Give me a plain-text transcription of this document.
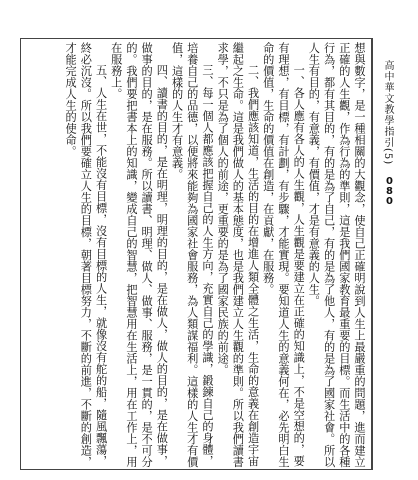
想與數字，是一種相關的大觀念，使自己正確明說到人生上最嚴重的問題，進而建立正確的人生觀，作為行為的準則，這是我們國家教育最重要的目標。而生活中的各種行為，都有其目的，有的是為了自己，有的是為了他人，有的是為了國家社會。所以人生有目的，有意義，有價值，才是有意義的人生。

一、各人應有各人的人生觀，人生觀是要建立在正確的知識上，不是空想的，要有理想，有目標，有計劃，有步驟，才能實現。要知道人生的意義何在，必先明白生命的價值，生命的價值在創造，在貢獻，在服務。

二、我們應該知道，生活的目的在增進人類全體之生活，生命的意義在創造宇宙繼起之生命。這是我們做人的基本態度，也是我們建立人生觀的準則。所以我們讀書求學，不只是為了個人的前途，更重要的是為了國家民族的前途。

三、每一個人都應該把握自己的人生方向，充實自己的學識，鍛鍊自己的身體，培養自己的品德，以便將來能夠為國家社會服務，為人類謀福利。這樣的人生才有價值，這樣的人生才有意義。

四、讀書的目的，是在明理，明理的目的，是在做人，做人的目的，是在做事，做事的目的，是在服務。所以讀書、明理、做人、做事、服務，是一貫的，是不可分的。我們要把書本上的知識，變成自己的智慧，把智慧用在生活上，用在工作上，用在服務上。

五、人生在世，不能沒有目標，沒有目標的人生，就像沒有舵的船，隨風飄蕩，終必沉沒。所以我們要確立人生的目標，朝著目標努力，不斷的前進，不斷的創造，才能完成人生的使命。	高中華文教學指引(5)
080
